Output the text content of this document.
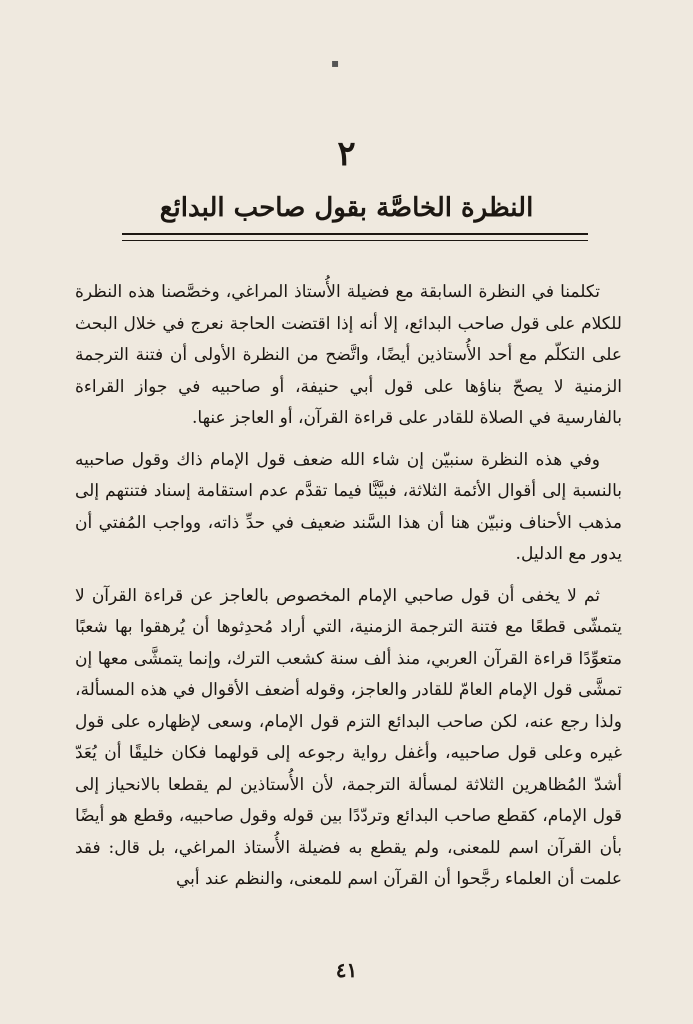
▪
٢
النظرة الخاصَّة بقول صاحب البدائع

تكلمنا في النظرة السابقة مع فضيلة الأُستاذ المراغي، وخصَّصنا هذه النظرة للكلام على قول صاحب البدائع، إلا أنه إذا اقتضت الحاجة نعرج في خلال البحث على التكلّم مع أحد الأُستاذين أيضًا، واتَّضح من النظرة الأولى أن فتنة الترجمة الزمنية لا يصحّ بناؤها على قول أبي حنيفة، أو صاحبيه في جواز القراءة بالفارسية في الصلاة للقادر على قراءة القرآن، أو العاجز عنها.

وفي هذه النظرة سنبيّن إن شاء الله ضعف قول الإمام ذاك وقول صاحبيه بالنسبة إلى أقوال الأئمة الثلاثة، فبيَّنَّا فيما تقدَّم عدم استقامة إسناد فتنتهم إلى مذهب الأحناف ونبيّن هنا أن هذا السَّند ضعيف في حدِّ ذاته، وواجب المُفتي أن يدور مع الدليل.

ثم لا يخفى أن قول صاحبي الإمام المخصوص بالعاجز عن قراءة القرآن لا يتمشّى قطعًا مع فتنة الترجمة الزمنية، التي أراد مُحدِثوها أن يُرهقوا بها شعبًا متعوِّدًا قراءة القرآن العربي، منذ ألف سنة كشعب الترك، وإنما يتمشَّى معها إن تمشَّى قول الإمام العامّ للقادر والعاجز، وقوله أضعف الأقوال في هذه المسألة، ولذا رجع عنه، لكن صاحب البدائع التزم قول الإمام، وسعى لإظهاره على قول غيره وعلى قول صاحبيه، وأغفل رواية رجوعه إلى قولهما فكان خليقًا أن يُعَدّ أشدّ المُظاهرين الثلاثة لمسألة الترجمة، لأن الأُستاذين لم يقطعا بالانحياز إلى قول الإمام، كقطع صاحب البدائع وتردّدًا بين قوله وقول صاحبيه، وقطع هو أيضًا بأن القرآن اسم للمعنى، ولم يقطع به فضيلة الأُستاذ المراغي، بل قال: فقد علمت أن العلماء رجَّحوا أن القرآن اسم للمعنى، والنظم عند أبي

٤١
